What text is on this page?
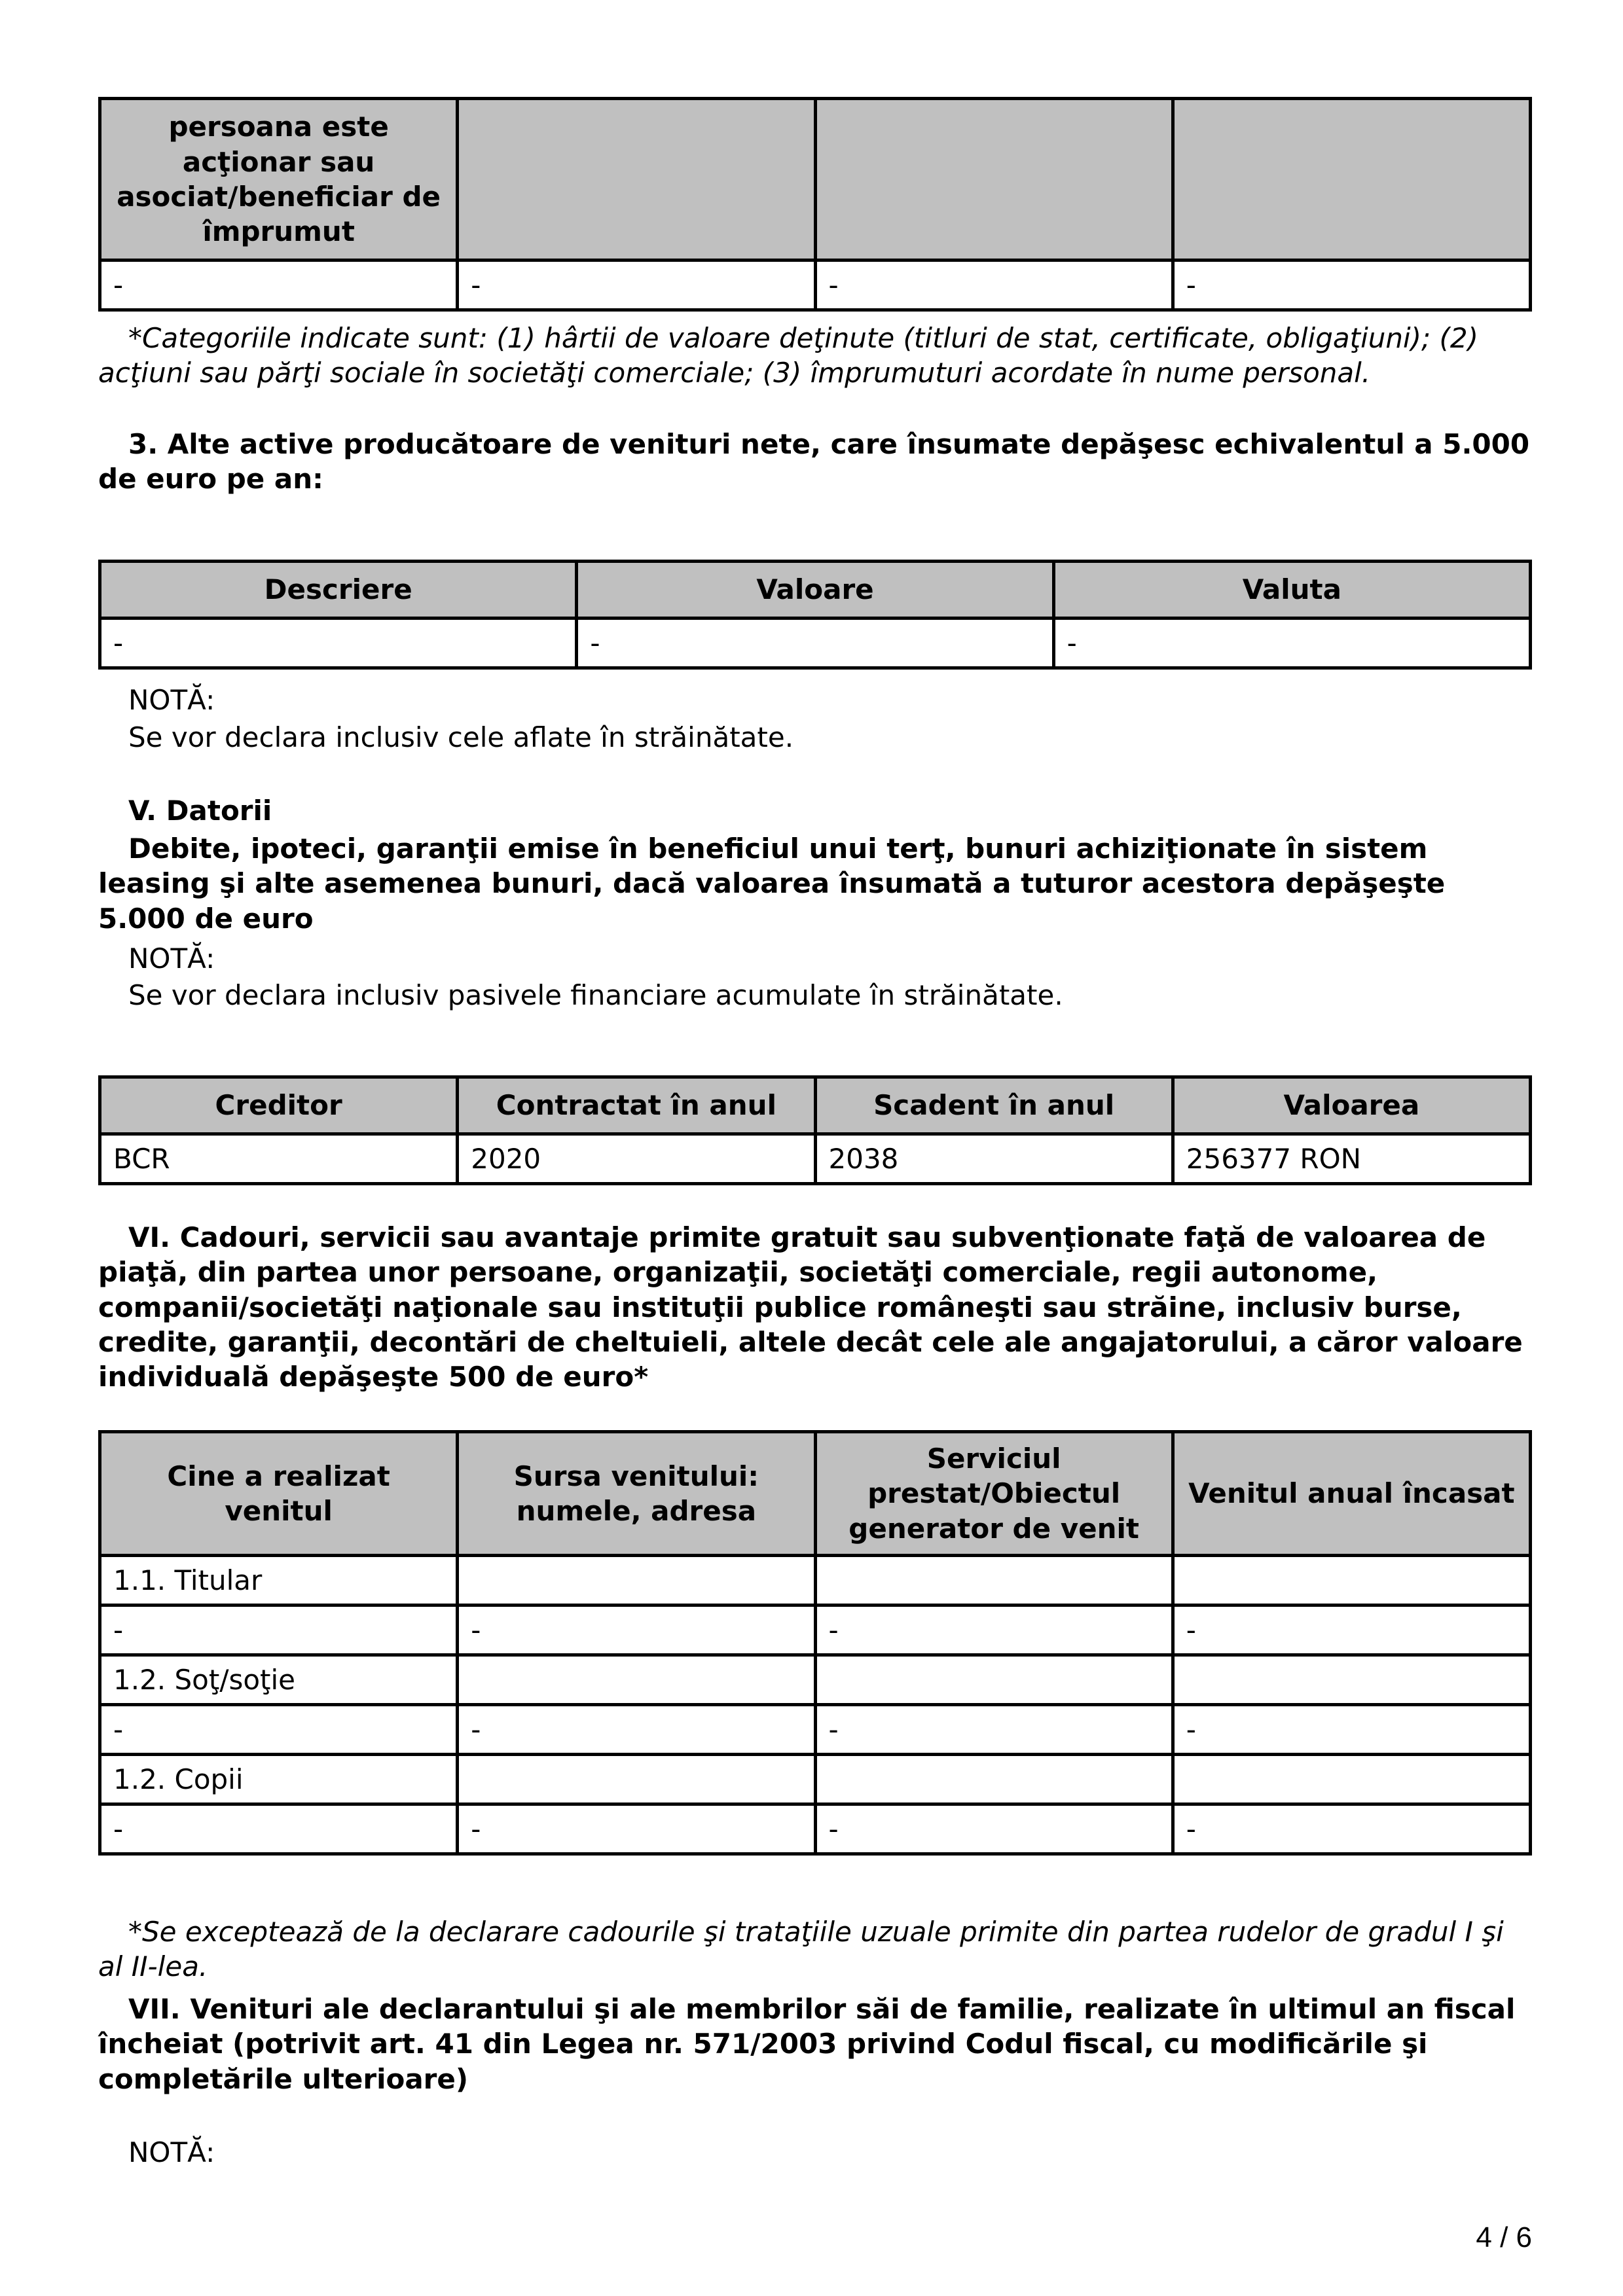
persoana este acţionar sau asociat/beneficiar de împrumut			
-	-	-	-

*Categoriile indicate sunt: (1) hârtii de valoare deţinute (titluri de stat, certificate, obligaţiuni); (2) acţiuni sau părţi sociale în societăţi comerciale; (3) împrumuturi acordate în nume personal.

3. Alte active producătoare de venituri nete, care însumate depăşesc echivalentul a 5.000 de euro pe an:

Descriere	Valoare	Valuta
-	-	-

NOTĂ:

Se vor declara inclusiv cele aflate în străinătate.

V. Datorii

Debite, ipoteci, garanţii emise în beneficiul unui terţ, bunuri achiziţionate în sistem leasing şi alte asemenea bunuri, dacă valoarea însumată a tuturor acestora depăşeşte 5.000 de euro

NOTĂ:

Se vor declara inclusiv pasivele financiare acumulate în străinătate.

Creditor	Contractat în anul	Scadent în anul	Valoarea
BCR	2020	2038	256377 RON

VI. Cadouri, servicii sau avantaje primite gratuit sau subvenţionate faţă de valoarea de piaţă, din partea unor persoane, organizaţii, societăţi comerciale, regii autonome, companii/societăţi naţionale sau instituţii publice româneşti sau străine, inclusiv burse, credite, garanţii, decontări de cheltuieli, altele decât cele ale angajatorului, a căror valoare individuală depăşeşte 500 de euro*

Cine a realizat venitul	Sursa venitului: numele, adresa	Serviciul prestat/Obiectul generator de venit	Venitul anual încasat
1.1. Titular			
-	-	-	-
1.2. Soţ/soţie			
-	-	-	-
1.2. Copii			
-	-	-	-

*Se exceptează de la declarare cadourile şi trataţiile uzuale primite din partea rudelor de gradul I şi al II-lea.

VII. Venituri ale declarantului şi ale membrilor săi de familie, realizate în ultimul an fiscal încheiat (potrivit art. 41 din Legea nr. 571/2003 privind Codul fiscal, cu modificările şi completările ulterioare)

NOTĂ:

4 / 6
